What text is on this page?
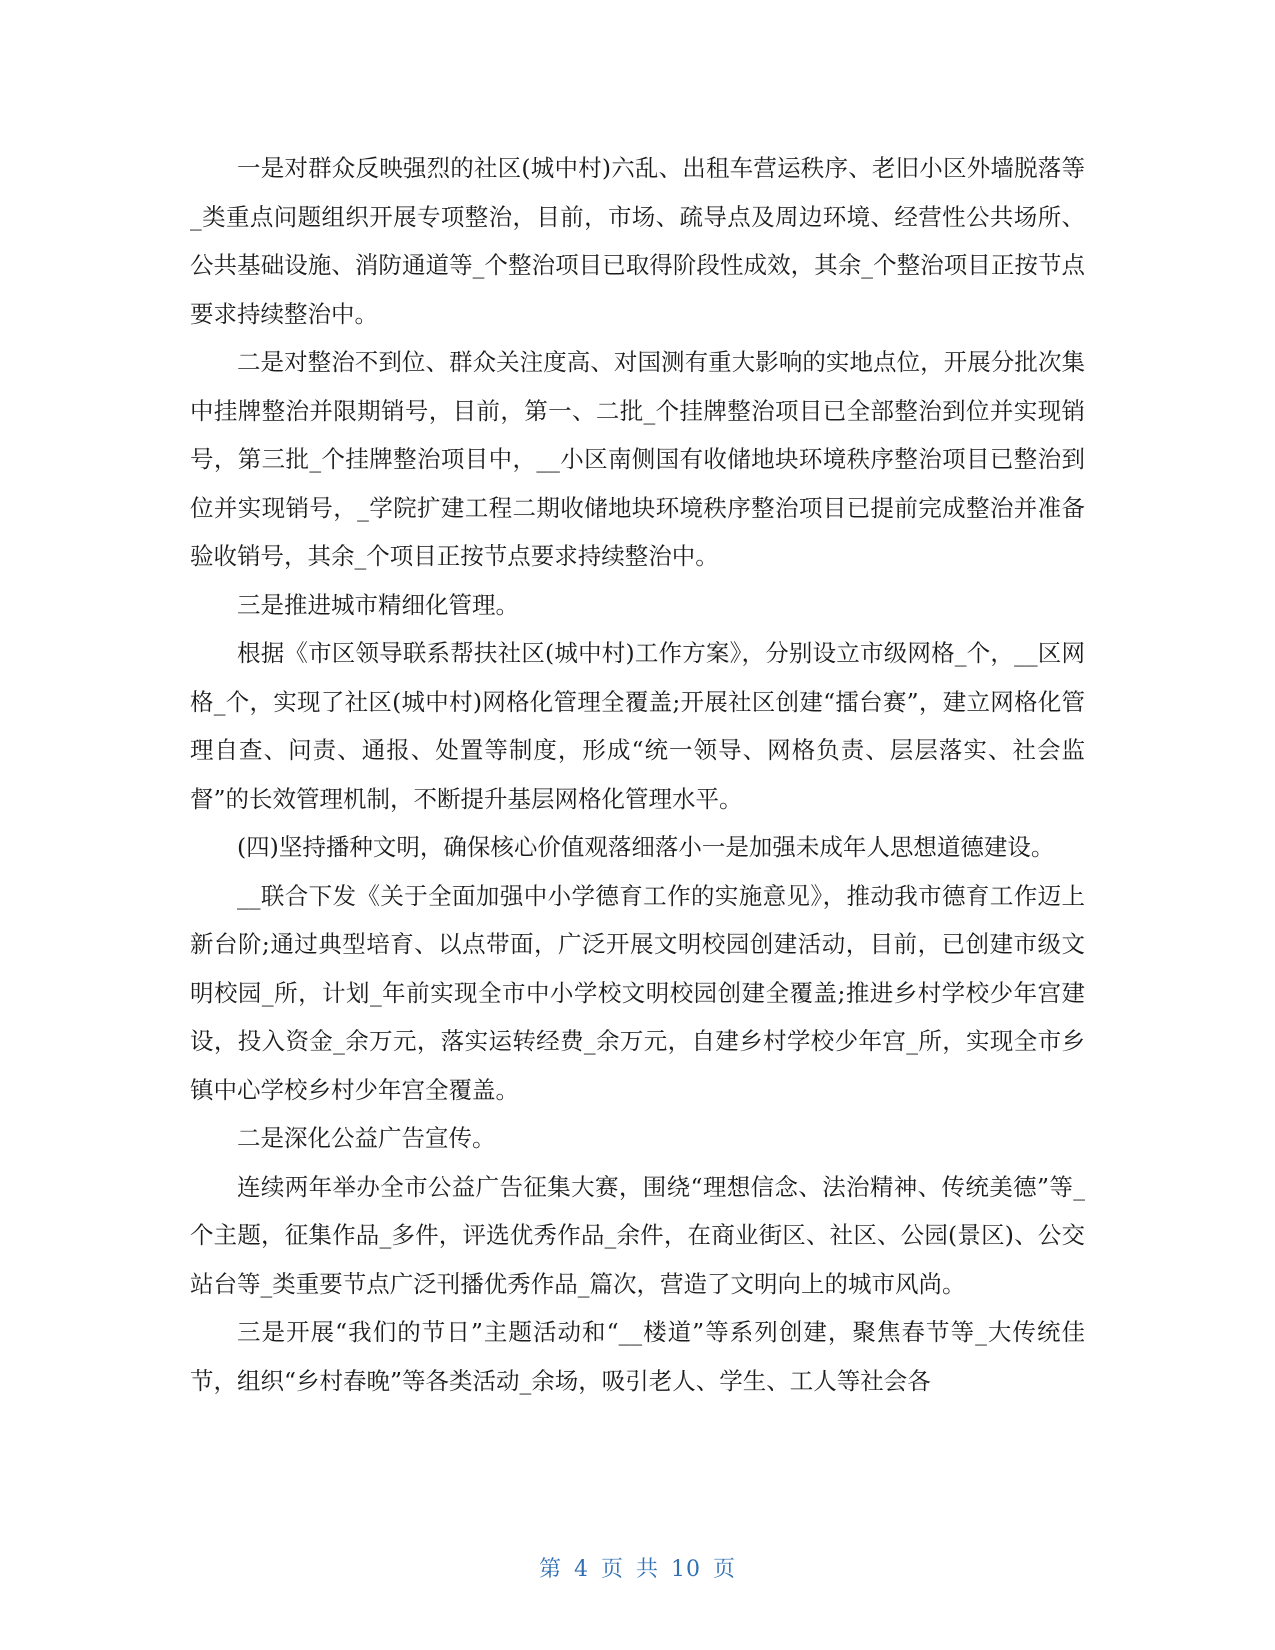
一是对群众反映强烈的社区(城中村)六乱、出租车营运秩序、老旧小区外墙脱落等_类重点问题组织开展专项整治，目前，市场、疏导点及周边环境、经营性公共场所、公共基础设施、消防通道等_个整治项目已取得阶段性成效，其余_个整治项目正按节点要求持续整治中。

二是对整治不到位、群众关注度高、对国测有重大影响的实地点位，开展分批次集中挂牌整治并限期销号，目前，第一、二批_个挂牌整治项目已全部整治到位并实现销号，第三批_个挂牌整治项目中，__小区南侧国有收储地块环境秩序整治项目已整治到位并实现销号，_学院扩建工程二期收储地块环境秩序整治项目已提前完成整治并准备验收销号，其余_个项目正按节点要求持续整治中。

三是推进城市精细化管理。

根据《市区领导联系帮扶社区(城中村)工作方案》，分别设立市级网格_个，__区网格_个，实现了社区(城中村)网格化管理全覆盖;开展社区创建“擂台赛”，建立网格化管理自查、问责、通报、处置等制度，形成“统一领导、网格负责、层层落实、社会监督”的长效管理机制，不断提升基层网格化管理水平。

(四)坚持播种文明，确保核心价值观落细落小一是加强未成年人思想道德建设。

__联合下发《关于全面加强中小学德育工作的实施意见》，推动我市德育工作迈上新台阶;通过典型培育、以点带面，广泛开展文明校园创建活动，目前，已创建市级文明校园_所，计划_年前实现全市中小学校文明校园创建全覆盖;推进乡村学校少年宫建设，投入资金_余万元，落实运转经费_余万元，自建乡村学校少年宫_所，实现全市乡镇中心学校乡村少年宫全覆盖。

二是深化公益广告宣传。

连续两年举办全市公益广告征集大赛，围绕“理想信念、法治精神、传统美德”等_个主题，征集作品_多件，评选优秀作品_余件，在商业街区、社区、公园(景区)、公交站台等_类重要节点广泛刊播优秀作品_篇次，营造了文明向上的城市风尚。

三是开展“我们的节日”主题活动和“__楼道”等系列创建，聚焦春节等_大传统佳节，组织“乡村春晚”等各类活动_余场，吸引老人、学生、工人等社会各

第 4 页 共 10 页
